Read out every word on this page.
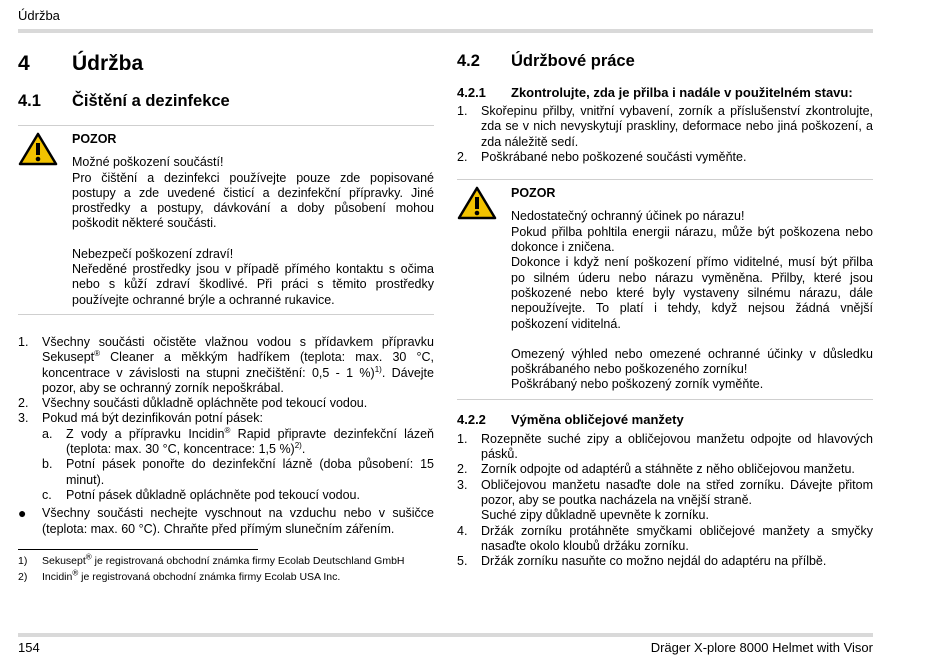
Údržba
4	Údržba
4.1	Čištění a dezinfekce
POZOR

Možné poškození součástí!

Pro čištění a dezinfekci používejte pouze zde popisované postupy a zde uvedené čisticí a dezinfekční přípravky. Jiné prostředky a postupy, dávkování a doby působení mohou poškodit některé součásti.

Nebezpečí poškození zdraví!

Neředěné prostředky jsou v případě přímého kontaktu s očima nebo s kůží zdraví škodlivé. Při práci s těmito prostředky používejte ochranné brýle a ochranné rukavice.

1.	Všechny součásti očistěte vlažnou vodou s přídavkem přípravku Sekusept® Cleaner a měkkým hadříkem (teplota: max. 30 °C, koncentrace v závislosti na stupni znečištění: 0,5 - 1 %)$^{1)}$. Dávejte pozor, aby se ochranný zorník nepoškrábal.
2.	Všechny součásti důkladně opláchněte pod tekoucí vodou.
3.	Pokud má být dezinfikován potní pásek:
a.	Z vody a přípravku Incidin® Rapid připravte dezinfekční lázeň (teplota: max. 30 °C, koncentrace: 1,5 %)$^{2)}$.
b.	Potní pásek ponořte do dezinfekční lázně (doba působení: 15 minut).
c.	Potní pásek důkladně opláchněte pod tekoucí vodou.
●	Všechny součásti nechejte vyschnout na vzduchu nebo v sušičce (teplota: max. 60 °C). Chraňte před přímým slunečním zářením.
1)	Sekusept® je registrovaná obchodní známka firmy Ecolab Deutschland GmbH
2)	Incidin® je registrovaná obchodní známka firmy Ecolab USA Inc.
4.2	Údržbové práce
4.2.1	Zkontrolujte, zda je přilba i nadále v použitelném stavu:
1.	Skořepinu přilby, vnitřní vybavení, zorník a příslušenství zkontrolujte, zda se v nich nevyskytují praskliny, deformace nebo jiná poškození, a zda náležitě sedí.
2.	Poškrábané nebo poškozené součásti vyměňte.
POZOR

Nedostatečný ochranný účinek po nárazu!

Pokud přilba pohltila energii nárazu, může být poškozena nebo dokonce i zničena.

Dokonce i když není poškození přímo viditelné, musí být přilba po silném úderu nebo nárazu vyměněna. Přilby, které jsou poškozené nebo které byly vystaveny silnému nárazu, dále nepoužívejte. To platí i tehdy, když nejsou žádná vnější poškození viditelná.

Omezený výhled nebo omezené ochranné účinky v důsledku poškrábaného nebo poškozeného zorníku!

Poškrábaný nebo poškozený zorník vyměňte.

4.2.2	Výměna obličejové manžety
1.	Rozepněte suché zipy a obličejovou manžetu odpojte od hlavových pásků.
2.	Zorník odpojte od adaptérů a stáhněte z něho obličejovou manžetu.
3.	Obličejovou manžetu nasaďte dole na střed zorníku. Dávejte přitom pozor, aby se poutka nacházela na vnější straně.
Suché zipy důkladně upevněte k zorníku.
4.	Držák zorníku protáhněte smyčkami obličejové manžety a smyčky nasaďte okolo kloubů držáku zorníku.
5.	Držák zorníku nasuňte co možno nejdál do adaptéru na přílbě.
154	Dräger X-plore 8000 Helmet with Visor
